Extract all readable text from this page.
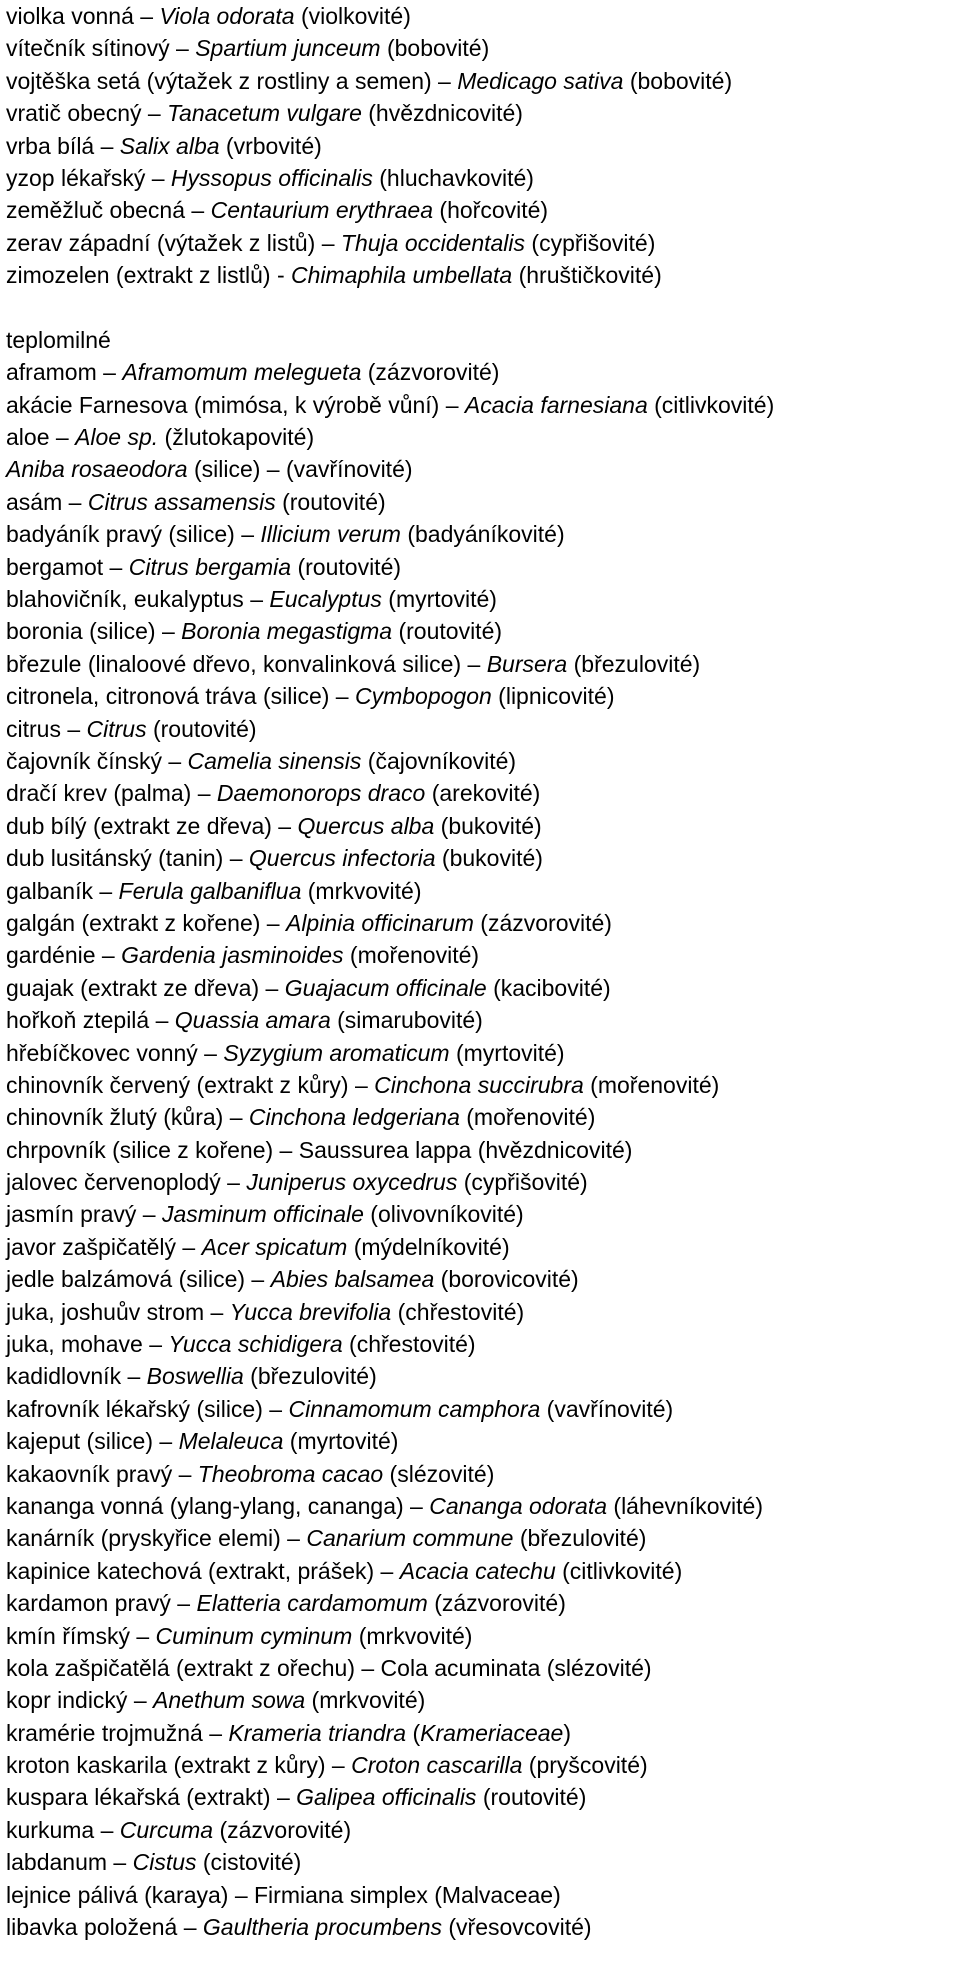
violka vonná – Viola odorata (violkovité)
vítečník sítinový – Spartium junceum (bobovité)
vojtěška setá (výtažek z rostliny a semen) – Medicago sativa (bobovité)
vratič obecný – Tanacetum vulgare (hvězdnicovité)
vrba bílá – Salix alba (vrbovité)
yzop lékařský – Hyssopus officinalis (hluchavkovité)
zeměžluč obecná – Centaurium erythraea (hořcovité)
zerav západní (výtažek z listů) – Thuja occidentalis (cypřišovité)
zimozelen (extrakt z listlů) - Chimaphila umbellata (hruštičkovité)
teplomilné
aframom – Aframomum melegueta (zázvorovité)
akácie Farnesova (mimósa, k výrobě vůní) – Acacia farnesiana (citlivkovité)
aloe – Aloe sp. (žlutokapovité)
Aniba rosaeodora (silice) – (vavřínovité)
asám – Citrus assamensis (routovité)
badyáník pravý (silice) – Illicium verum (badyáníkovité)
bergamot – Citrus bergamia (routovité)
blahovičník, eukalyptus – Eucalyptus (myrtovité)
boronia (silice) – Boronia megastigma (routovité)
březule (linaloové dřevo, konvalinková silice) – Bursera (březulovité)
citronela, citronová tráva (silice) – Cymbopogon (lipnicovité)
citrus – Citrus (routovité)
čajovník čínský – Camelia sinensis (čajovníkovité)
dračí krev (palma) – Daemonorops draco (arekovité)
dub bílý (extrakt ze dřeva) – Quercus alba (bukovité)
dub lusitánský (tanin) – Quercus infectoria (bukovité)
galbaník – Ferula galbaniflua (mrkvovité)
galgán (extrakt z kořene) – Alpinia officinarum (zázvorovité)
gardénie – Gardenia jasminoides (mořenovité)
guajak (extrakt ze dřeva) – Guajacum officinale (kacibovité)
hořkoň ztepilá – Quassia amara (simarubovité)
hřebíčkovec vonný – Syzygium aromaticum (myrtovité)
chinovník červený (extrakt z kůry) – Cinchona succirubra (mořenovité)
chinovník žlutý (kůra) – Cinchona ledgeriana (mořenovité)
chrpovník (silice z kořene) – Saussurea lappa (hvězdnicovité)
jalovec červenoplodý – Juniperus oxycedrus (cypřišovité)
jasmín pravý – Jasminum officinale (olivovníkovité)
javor zašpičatělý – Acer spicatum (mýdelníkovité)
jedle balzámová (silice) – Abies balsamea (borovicovité)
juka, joshuův strom – Yucca brevifolia (chřestovité)
juka, mohave – Yucca schidigera (chřestovité)
kadidlovník – Boswellia (březulovité)
kafrovník lékařský (silice) – Cinnamomum camphora (vavřínovité)
kajeput (silice) – Melaleuca (myrtovité)
kakaovník pravý – Theobroma cacao (slézovité)
kananga vonná (ylang-ylang, cananga) – Cananga odorata (láhevníkovité)
kanárník (pryskyřice elemi) – Canarium commune (březulovité)
kapinice katechová (extrakt, prášek) – Acacia catechu (citlivkovité)
kardamon pravý – Elatteria cardamomum (zázvorovité)
kmín římský – Cuminum cyminum (mrkvovité)
kola zašpičatělá (extrakt z ořechu) – Cola acuminata (slézovité)
kopr indický – Anethum sowa (mrkvovité)
kramérie trojmužná – Krameria triandra (Krameriaceae)
kroton kaskarila (extrakt z kůry) – Croton cascarilla (pryšcovité)
kuspara lékařská (extrakt) – Galipea officinalis (routovité)
kurkuma – Curcuma (zázvorovité)
labdanum – Cistus (cistovité)
lejnice pálivá (karaya) – Firmiana simplex (Malvaceae)
libavka položená – Gaultheria procumbens (vřesovcovité)
